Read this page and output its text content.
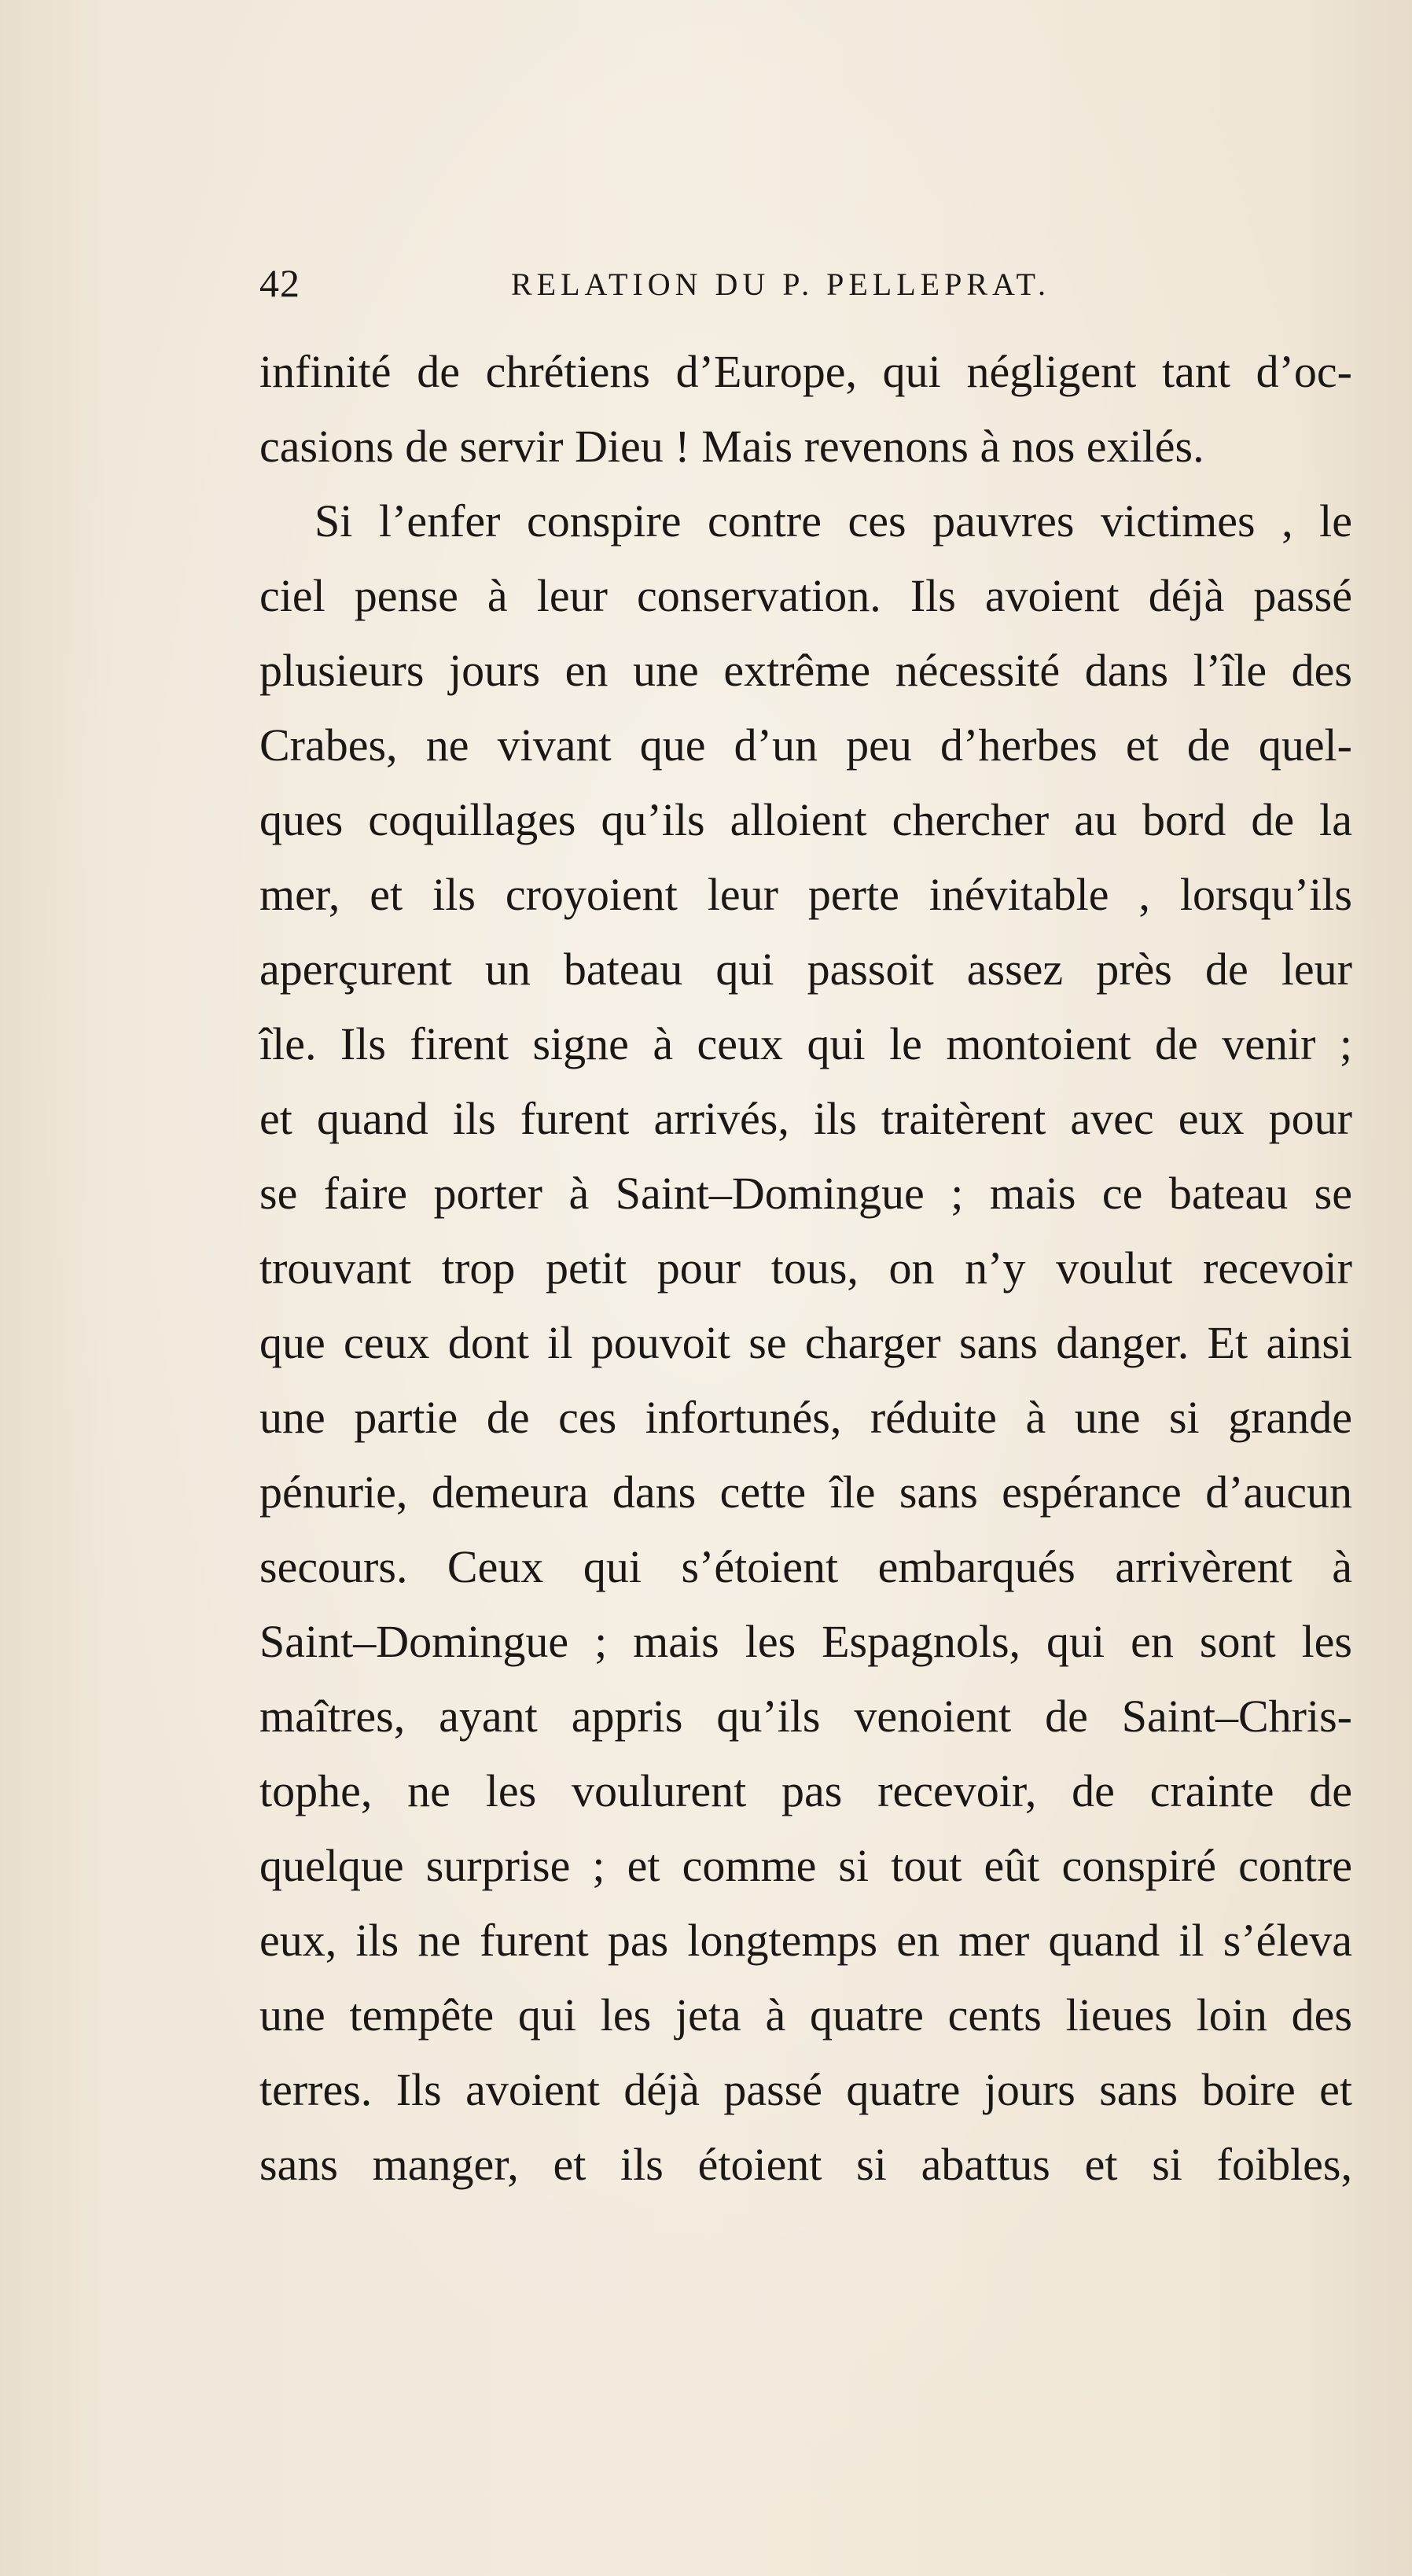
42	RELATION DU P. PELLEPRAT.
infinité de chrétiens d’Europe, qui négligent tant d’oc-
casions de servir Dieu ! Mais revenons à nos exilés.
Si l’enfer conspire contre ces pauvres victimes , le
ciel pense à leur conservation. Ils avoient déjà passé
plusieurs jours en une extrême nécessité dans l’île des
Crabes, ne vivant que d’un peu d’herbes et de quel-
ques coquillages qu’ils alloient chercher au bord de la
mer, et ils croyoient leur perte inévitable , lorsqu’ils
aperçurent un bateau qui passoit assez près de leur
île. Ils firent signe à ceux qui le montoient de venir ;
et quand ils furent arrivés, ils traitèrent avec eux pour
se faire porter à Saint–Domingue ; mais ce bateau se
trouvant trop petit pour tous, on n’y voulut recevoir
que ceux dont il pouvoit se charger sans danger. Et ainsi
une partie de ces infortunés, réduite à une si grande
pénurie, demeura dans cette île sans espérance d’aucun
secours. Ceux qui s’étoient embarqués arrivèrent à
Saint–Domingue ; mais les Espagnols, qui en sont les
maîtres, ayant appris qu’ils venoient de Saint–Chris-
tophe, ne les voulurent pas recevoir, de crainte de
quelque surprise ; et comme si tout eût conspiré contre
eux, ils ne furent pas longtemps en mer quand il s’éleva
une tempête qui les jeta à quatre cents lieues loin des
terres. Ils avoient déjà passé quatre jours sans boire et
sans manger, et ils étoient si abattus et si foibles,
